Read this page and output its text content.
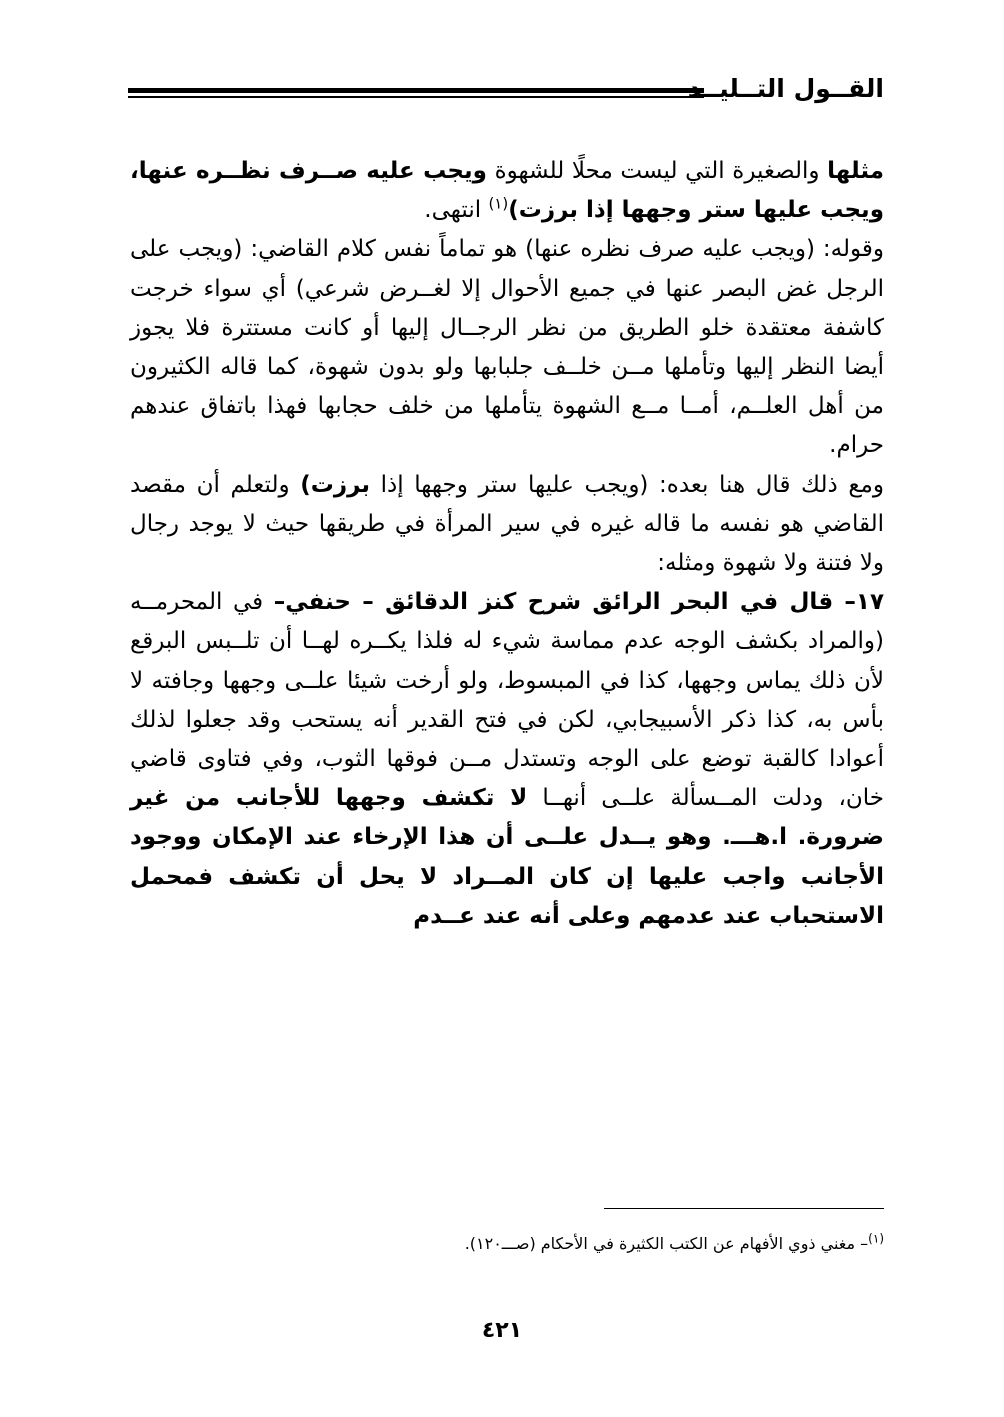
القــول التــليــد

مثلها والصغيرة التي ليست محلًا للشهوة ويجب عليه صــرف نظــره عنها، ويجب عليها ستر وجهها إذا برزت)$^{(١)}$ انتهى.

وقوله: (ويجب عليه صرف نظره عنها) هو تماماً نفس كلام القاضي: (ويجب على الرجل غض البصر عنها في جميع الأحوال إلا لغــرض شرعي) أي سواء خرجت كاشفة معتقدة خلو الطريق من نظر الرجــال إليها أو كانت مستترة فلا يجوز أيضا النظر إليها وتأملها مــن خلــف جلبابها ولو بدون شهوة، كما قاله الكثيرون من أهل العلــم، أمــا مــع الشهوة يتأملها من خلف حجابها فهذا باتفاق عندهم حرام.

ومع ذلك قال هنا بعده: (ويجب عليها ستر وجهها إذا برزت) ولتعلم أن مقصد القاضي هو نفسه ما قاله غيره في سير المرأة في طريقها حيث لا يوجد رجال ولا فتنة ولا شهوة ومثله:

١٧– قال في البحر الرائق شرح كنز الدقائق – حنفي– في المحرمــه (والمراد بكشف الوجه عدم مماسة شيء له فلذا يكــره لهــا أن تلــبس البرقع لأن ذلك يماس وجهها، كذا في المبسوط، ولو أرخت شيئا علــى وجهها وجافته لا بأس به، كذا ذكر الأسبيجابي، لكن في فتح القدير أنه يستحب وقد جعلوا لذلك أعوادا كالقبة توضع على الوجه وتستدل مــن فوقها الثوب، وفي فتاوى قاضي خان، ودلت المــسألة علــى أنهــا لا تكشف وجهها للأجانب من غير ضرورة. ا.هـــ. وهو يــدل علــى أن هذا الإرخاء عند الإمكان ووجود الأجانب واجب عليها إن كان المــراد لا يحل أن تكشف فمحمل الاستحباب عند عدمهم وعلى أنه عند عــدم

$^{(١)}$– مغني ذوي الأفهام عن الكتب الكثيرة في الأحكام (صـــ١٢٠).
٤٢١
